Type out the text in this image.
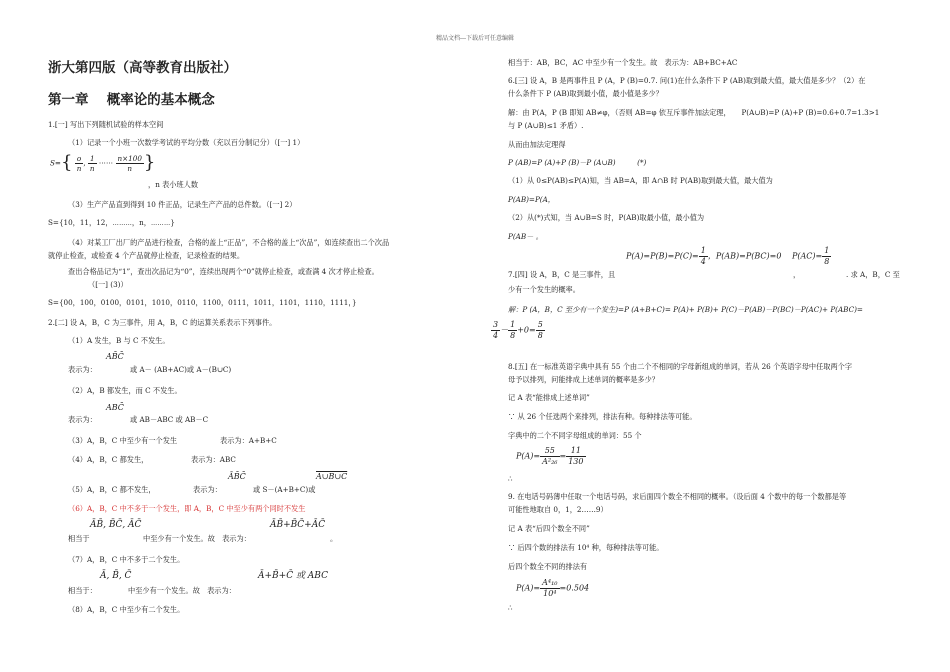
精品文档---下载后可任意编辑
浙大第四版（高等教育出版社）
第一章　 概率论的基本概念
1.[一] 写出下列随机试验的样本空间
（1）记录一个小班一次数学考试的平均分数（充以百分制记分）（[一] 1）
$S=\{ \frac{o}{n}$ , $\frac{1}{n}$ ⋯⋯ $\frac{n\times 100}{n}$ }
，n 表小班人数
（3）生产产品直到得到 10 件正品，记录生产产品的总件数。（[一] 2）
S={10，11，12，⋯⋯⋯，n，⋯⋯⋯}
（4）对某工厂出厂的产品进行检查，合格的盖上“正品”，不合格的盖上“次品”，如连续查出二个次品
就停止检查，或检查 4 个产品就停止检查，记录检查的结果。
查出合格品记为“1”，查出次品记为“0”，连续出现两个“0”就停止检查，或查满 4 次才停止检查。
（[一] (3)）
S={00，100，0100，0101，1010，0110，1100，0111，1011，1101，1110，1111，}
2.[二] 设 A，B，C 为三事件，用 A，B，C 的运算关系表示下列事件。
（1）A 发生，B 与 C 不发生。
AB̄C̄
表示为：	或 A－ (AB+AC)或 A－(B∪C)
（2）A，B 都发生，而 C 不发生。
ABC̄
表示为：	或 AB－ABC 或 AB－C
（3）A，B，C 中至少有一个发生	表示为：A+B+C
（4）A，B，C 都发生，	表示为：ABC
ĀB̄C̄	A∪B∪C
（5）A，B，C 都不发生，	表示为：	或 S－(A+B+C)或
（6）A，B，C 中不多于一个发生，即 A，B，C 中至少有两个同时不发生
ĀB̄, B̄C̄, ĀC̄	ĀB̄+B̄C̄+ĀC̄
相当于	中至少有一个发生。故　表示为：	。
（7）A，B，C 中不多于二个发生。
Ā, B̄, C̄	Ā+B̄+C̄ 或 ABC
相当于：	中至少有一个发生。故　表示为：
（8）A，B，C 中至少有二个发生。
相当于：AB，BC，AC 中至少有一个发生。故　表示为：AB+BC+AC
6.[三] 设 A，B 是两事件且 P (A，P (B)=0.7. 问(1)在什么条件下 P (AB)取到最大值，最大值是多少？（2）在
什么条件下 P (AB)取到最小值，最小值是多少？
解：由 P(A，P (B 即知 AB≠φ，（否则 AB=φ 依互斥事件加法定理，　　P(A∪B)=P (A)+P (B)=0.6+0.7=1.3>1
与 P (A∪B)≤1 矛盾）.
从而由加法定理得
P (AB)=P (A)+P (B)－P (A∪B)　　　(*)
（1）从 0≤P(AB)≤P(A)知，当 AB=A，即 A∩B 时 P(AB)取到最大值，最大值为
P(AB)=P(A，
（2）从(*)式知，当 A∪B=S 时，P(AB)取最小值，最小值为
P(AB－ 。
$P(A)=P(B)=P(C)= \frac{1}{4}$ ，P(AB)=P(BC)=0　 $P(AC)= \frac{1}{8}$
7.[四] 设 A，B，C 是三事件，且	，	. 求 A，B，C 至
少有一个发生的概率。
解：P (A，B，C 至少有一个发生)=P (A+B+C)= P(A)+ P(B)+ P(C)－P(AB)－P(BC)－P(AC)+ P(ABC)=
$\frac{3}{4} - \frac{1}{8} +0= \frac{5}{8}$
8.[五] 在一标准英语字典中具有 55 个由二个不相同的字母新组成的单词，若从 26 个英语字母中任取两个字
母予以排列，问能排成上述单词的概率是多少？
记 A 表“能排成上述单词”
∵ 从 26 个任选两个来排列，排法有种。每种排法等可能。
字典中的二个不同字母组成的单词：55 个
$P(A)= \frac{55}{\text{A²₂₆}} = \frac{11}{130}$
∴
9. 在电话号码薄中任取一个电话号码，求后面四个数全不相同的概率。（设后面 4 个数中的每一个数都是等
可能性地取自 0，1，2……9）
记 A 表“后四个数全不同”
∵ 后四个数的排法有 10⁴ 种，每种排法等可能。
后四个数全不同的排法有
$P(A)= \frac{\text{A⁴₁₀}}{\text{10⁴}} =0.504$
∴
